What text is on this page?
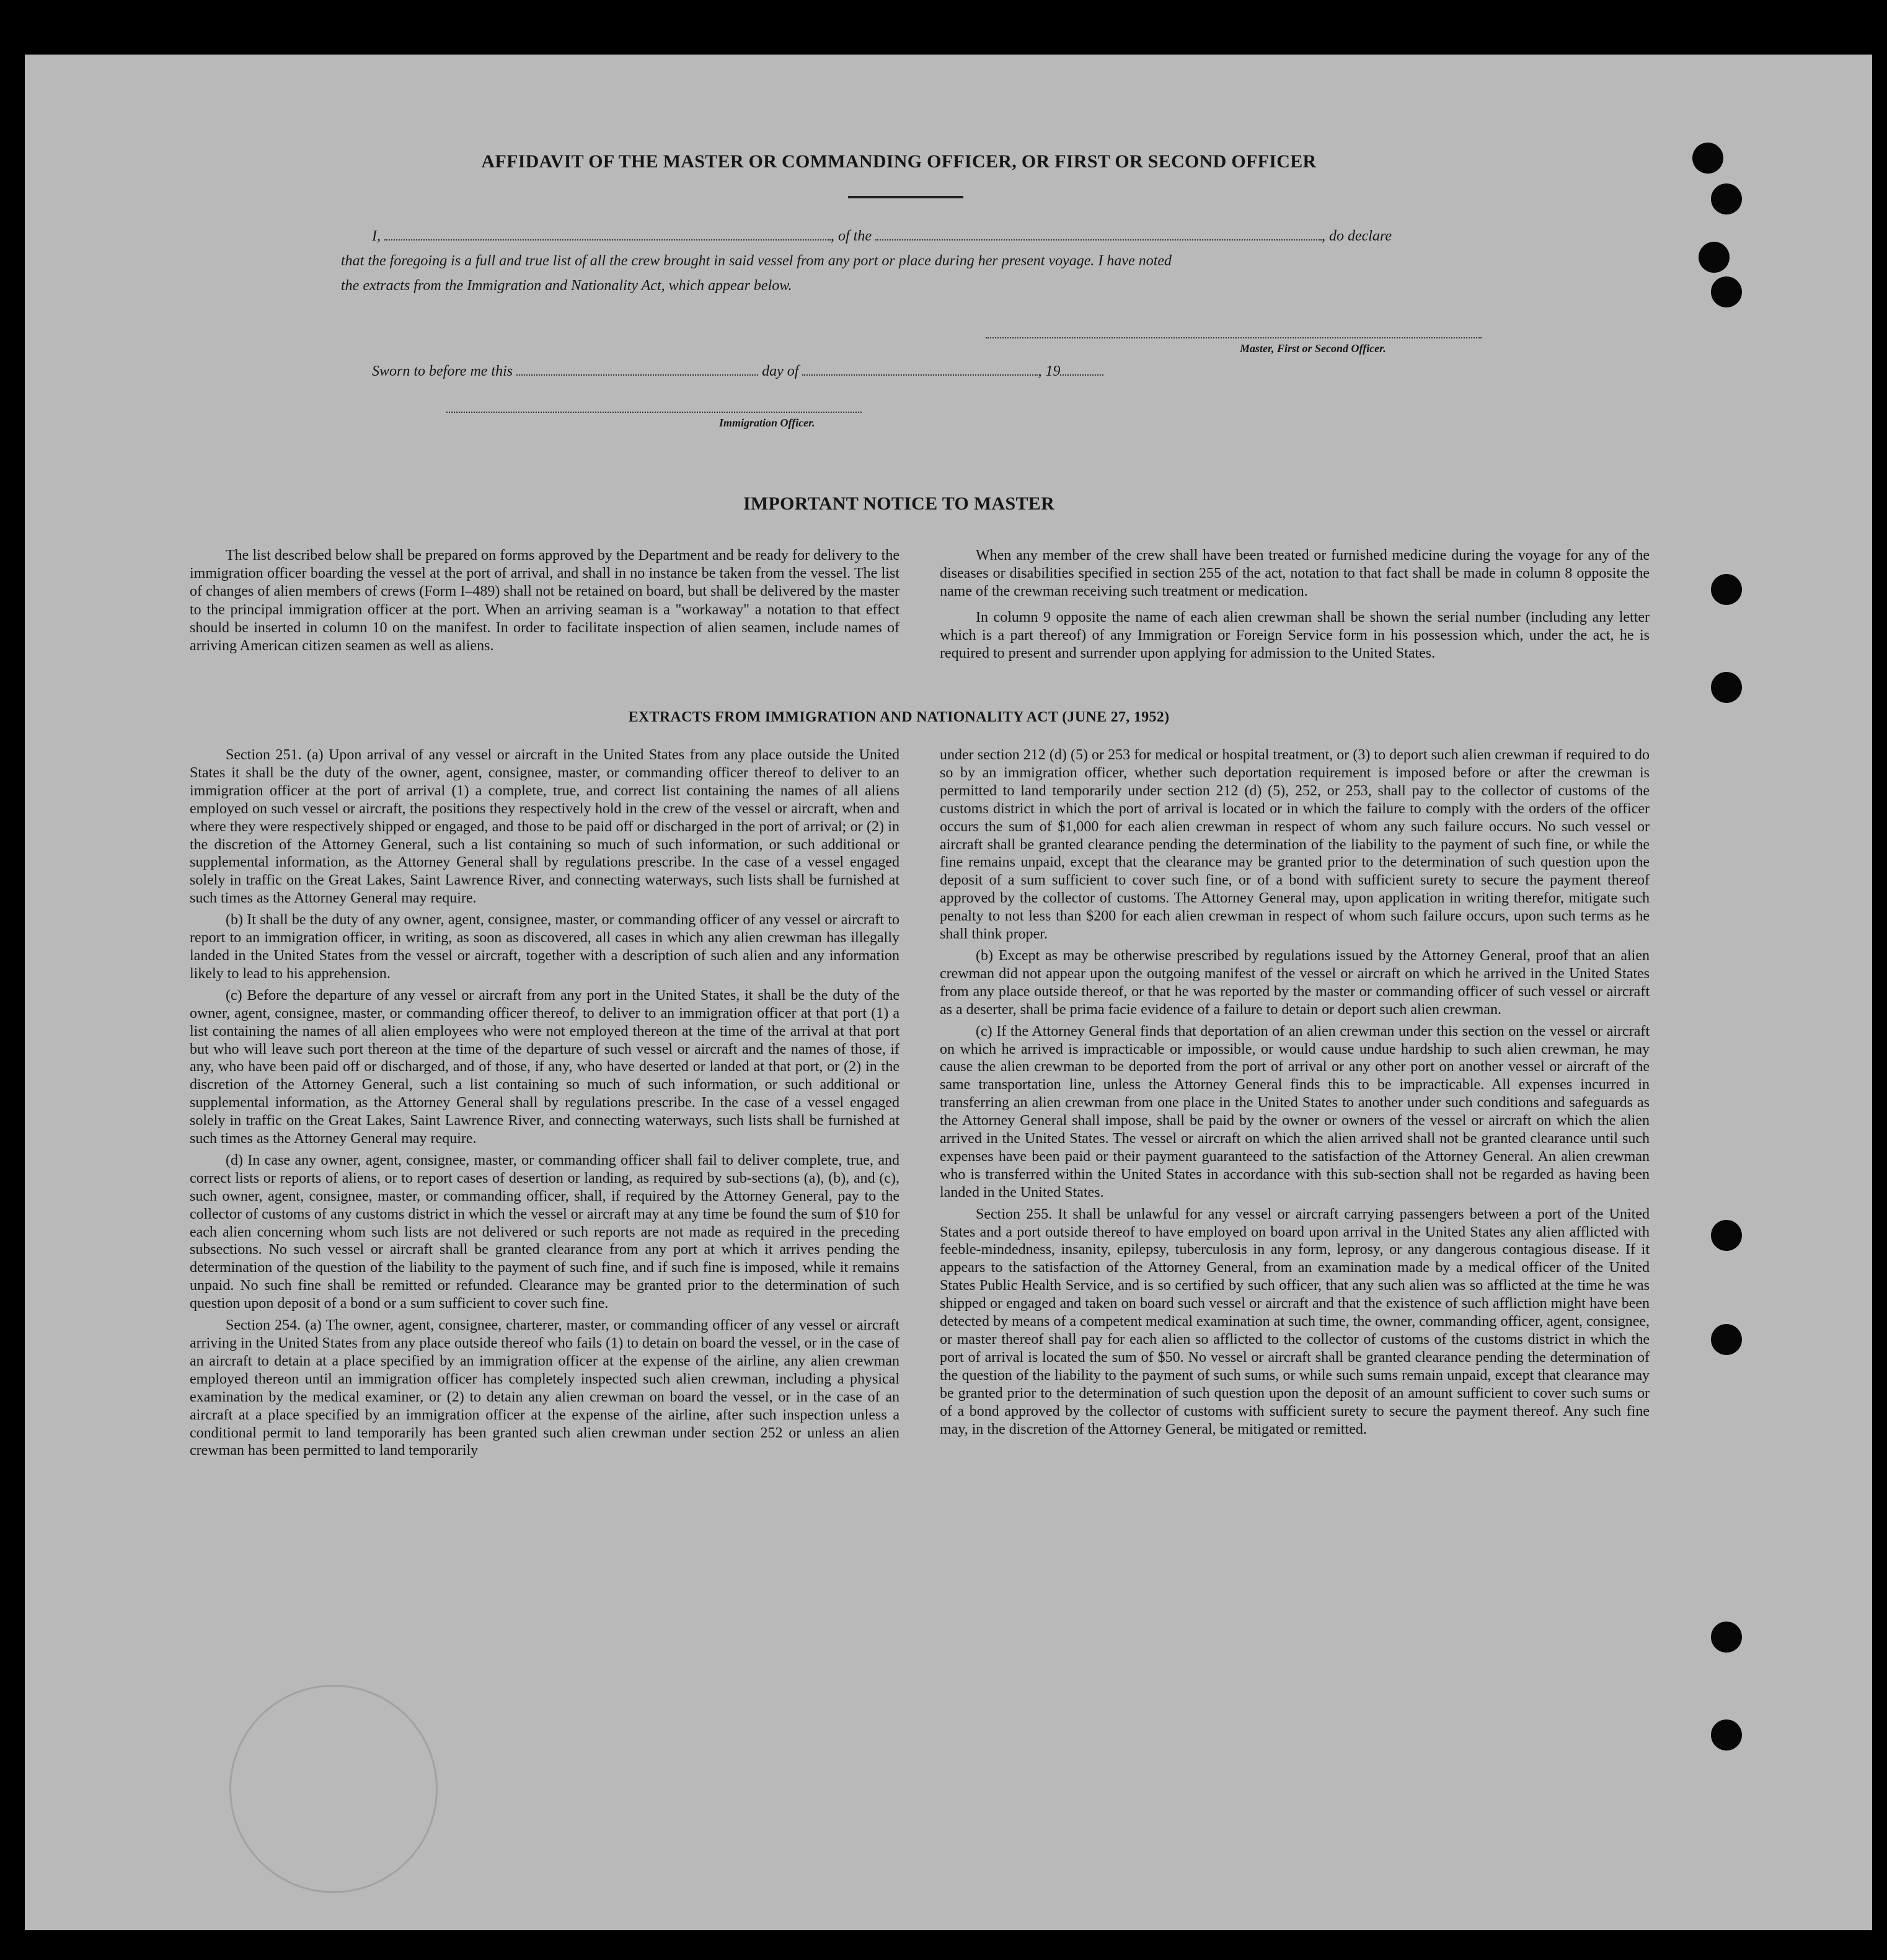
AFFIDAVIT OF THE MASTER OR COMMANDING OFFICER, OR FIRST OR SECOND OFFICER
I,	, of the	, do declare
that the foregoing is a full and true list of all the crew brought in said vessel from any port or place during her present voyage. I have noted
the extracts from the Immigration and Nationality Act, which appear below.
Master, First or Second Officer.
Sworn to before me this	day of	, 19
Immigration Officer.
IMPORTANT NOTICE TO MASTER

The list described below shall be prepared on forms approved by the Department and be ready for delivery to the immigration officer boarding the vessel at the port of arrival, and shall in no instance be taken from the vessel. The list of changes of alien members of crews (Form I–489) shall not be retained on board, but shall be delivered by the master to the principal immigration officer at the port. When an arriving seaman is a "workaway" a notation to that effect should be inserted in column 10 on the manifest. In order to facilitate inspection of alien seamen, include names of arriving American citizen seamen as well as aliens.

When any member of the crew shall have been treated or furnished medicine during the voyage for any of the diseases or disabilities specified in section 255 of the act, notation to that fact shall be made in column 8 opposite the name of the crewman receiving such treatment or medication.

In column 9 opposite the name of each alien crewman shall be shown the serial number (including any letter which is a part thereof) of any Immigration or Foreign Service form in his possession which, under the act, he is required to present and surrender upon applying for admission to the United States.

EXTRACTS FROM IMMIGRATION AND NATIONALITY ACT (JUNE 27, 1952)

Section 251. (a) Upon arrival of any vessel or aircraft in the United States from any place outside the United States it shall be the duty of the owner, agent, consignee, master, or commanding officer thereof to deliver to an immigration officer at the port of arrival (1) a complete, true, and correct list containing the names of all aliens employed on such vessel or aircraft, the positions they respectively hold in the crew of the vessel or aircraft, when and where they were respectively shipped or engaged, and those to be paid off or discharged in the port of arrival; or (2) in the discretion of the Attorney General, such a list containing so much of such information, or such additional or supplemental information, as the Attorney General shall by regulations prescribe. In the case of a vessel engaged solely in traffic on the Great Lakes, Saint Lawrence River, and connecting waterways, such lists shall be furnished at such times as the Attorney General may require.

(b) It shall be the duty of any owner, agent, consignee, master, or commanding officer of any vessel or aircraft to report to an immigration officer, in writing, as soon as discovered, all cases in which any alien crewman has illegally landed in the United States from the vessel or aircraft, together with a description of such alien and any information likely to lead to his apprehension.

(c) Before the departure of any vessel or aircraft from any port in the United States, it shall be the duty of the owner, agent, consignee, master, or commanding officer thereof, to deliver to an immigration officer at that port (1) a list containing the names of all alien employees who were not employed thereon at the time of the arrival at that port but who will leave such port thereon at the time of the departure of such vessel or aircraft and the names of those, if any, who have been paid off or discharged, and of those, if any, who have deserted or landed at that port, or (2) in the discretion of the Attorney General, such a list containing so much of such information, or such additional or supplemental information, as the Attorney General shall by regulations prescribe. In the case of a vessel engaged solely in traffic on the Great Lakes, Saint Lawrence River, and connecting waterways, such lists shall be furnished at such times as the Attorney General may require.

(d) In case any owner, agent, consignee, master, or commanding officer shall fail to deliver complete, true, and correct lists or reports of aliens, or to report cases of desertion or landing, as required by sub-sections (a), (b), and (c), such owner, agent, consignee, master, or commanding officer, shall, if required by the Attorney General, pay to the collector of customs of any customs district in which the vessel or aircraft may at any time be found the sum of $10 for each alien concerning whom such lists are not delivered or such reports are not made as required in the preceding subsections. No such vessel or aircraft shall be granted clearance from any port at which it arrives pending the determination of the question of the liability to the payment of such fine, and if such fine is imposed, while it remains unpaid. No such fine shall be remitted or refunded. Clearance may be granted prior to the determination of such question upon deposit of a bond or a sum sufficient to cover such fine.

Section 254. (a) The owner, agent, consignee, charterer, master, or commanding officer of any vessel or aircraft arriving in the United States from any place outside thereof who fails (1) to detain on board the vessel, or in the case of an aircraft to detain at a place specified by an immigration officer at the expense of the airline, any alien crewman employed thereon until an immigration officer has completely inspected such alien crewman, including a physical examination by the medical examiner, or (2) to detain any alien crewman on board the vessel, or in the case of an aircraft at a place specified by an immigration officer at the expense of the airline, after such inspection unless a conditional permit to land temporarily has been granted such alien crewman under section 252 or unless an alien crewman has been permitted to land temporarily

under section 212 (d) (5) or 253 for medical or hospital treatment, or (3) to deport such alien crewman if required to do so by an immigration officer, whether such deportation requirement is imposed before or after the crewman is permitted to land temporarily under section 212 (d) (5), 252, or 253, shall pay to the collector of customs of the customs district in which the port of arrival is located or in which the failure to comply with the orders of the officer occurs the sum of $1,000 for each alien crewman in respect of whom any such failure occurs. No such vessel or aircraft shall be granted clearance pending the determination of the liability to the payment of such fine, or while the fine remains unpaid, except that the clearance may be granted prior to the determination of such question upon the deposit of a sum sufficient to cover such fine, or of a bond with sufficient surety to secure the payment thereof approved by the collector of customs. The Attorney General may, upon application in writing therefor, mitigate such penalty to not less than $200 for each alien crewman in respect of whom such failure occurs, upon such terms as he shall think proper.

(b) Except as may be otherwise prescribed by regulations issued by the Attorney General, proof that an alien crewman did not appear upon the outgoing manifest of the vessel or aircraft on which he arrived in the United States from any place outside thereof, or that he was reported by the master or commanding officer of such vessel or aircraft as a deserter, shall be prima facie evidence of a failure to detain or deport such alien crewman.

(c) If the Attorney General finds that deportation of an alien crewman under this section on the vessel or aircraft on which he arrived is impracticable or impossible, or would cause undue hardship to such alien crewman, he may cause the alien crewman to be deported from the port of arrival or any other port on another vessel or aircraft of the same transportation line, unless the Attorney General finds this to be impracticable. All expenses incurred in transferring an alien crewman from one place in the United States to another under such conditions and safeguards as the Attorney General shall impose, shall be paid by the owner or owners of the vessel or aircraft on which the alien arrived in the United States. The vessel or aircraft on which the alien arrived shall not be granted clearance until such expenses have been paid or their payment guaranteed to the satisfaction of the Attorney General. An alien crewman who is transferred within the United States in accordance with this sub-section shall not be regarded as having been landed in the United States.

Section 255. It shall be unlawful for any vessel or aircraft carrying passengers between a port of the United States and a port outside thereof to have employed on board upon arrival in the United States any alien afflicted with feeble-mindedness, insanity, epilepsy, tuberculosis in any form, leprosy, or any dangerous contagious disease. If it appears to the satisfaction of the Attorney General, from an examination made by a medical officer of the United States Public Health Service, and is so certified by such officer, that any such alien was so afflicted at the time he was shipped or engaged and taken on board such vessel or aircraft and that the existence of such affliction might have been detected by means of a competent medical examination at such time, the owner, commanding officer, agent, consignee, or master thereof shall pay for each alien so afflicted to the collector of customs of the customs district in which the port of arrival is located the sum of $50. No vessel or aircraft shall be granted clearance pending the determination of the question of the liability to the payment of such sums, or while such sums remain unpaid, except that clearance may be granted prior to the determination of such question upon the deposit of an amount sufficient to cover such sums or of a bond approved by the collector of customs with sufficient surety to secure the payment thereof. Any such fine may, in the discretion of the Attorney General, be mitigated or remitted.
